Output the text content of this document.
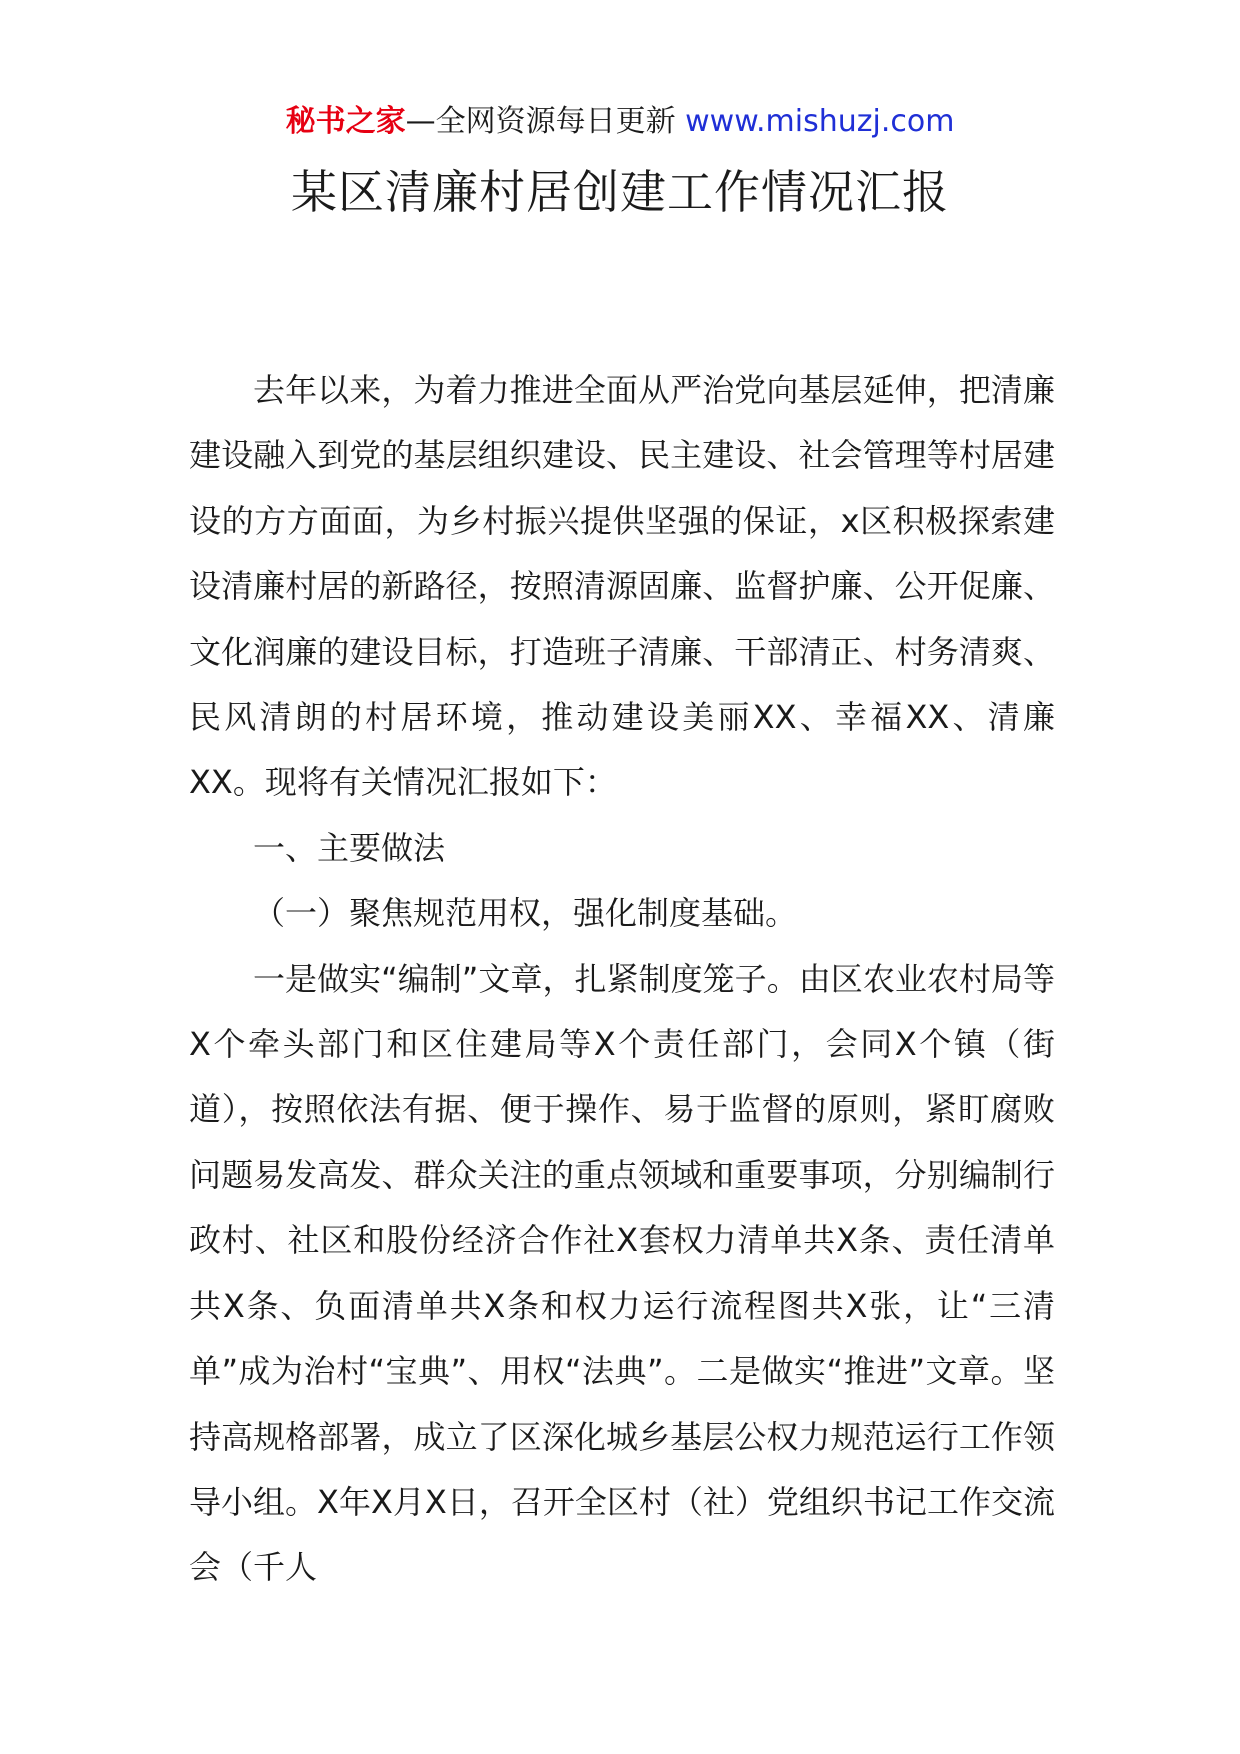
秘书之家—全网资源每日更新 www.mishuzj.com
某区清廉村居创建工作情况汇报

去年以来，为着力推进全面从严治党向基层延伸，把清廉建设融入到党的基层组织建设、民主建设、社会管理等村居建设的方方面面，为乡村振兴提供坚强的保证，x区积极探索建设清廉村居的新路径，按照清源固廉、监督护廉、公开促廉、文化润廉的建设目标，打造班子清廉、干部清正、村务清爽、民风清朗的村居环境，推动建设美丽XX、幸福XX、清廉XX。现将有关情况汇报如下：

一、主要做法

（一）聚焦规范用权，强化制度基础。

一是做实“编制”文章，扎紧制度笼子。由区农业农村局等X个牵头部门和区住建局等X个责任部门，会同X个镇（街道），按照依法有据、便于操作、易于监督的原则，紧盯腐败问题易发高发、群众关注的重点领域和重要事项，分别编制行政村、社区和股份经济合作社X套权力清单共X条、责任清单共X条、负面清单共X条和权力运行流程图共X张，让“三清单”成为治村“宝典”、用权“法典”。二是做实“推进”文章。坚持高规格部署，成立了区深化城乡基层公权力规范运行工作领导小组。X年X月X日，召开全区村（社）党组织书记工作交流会（千人
